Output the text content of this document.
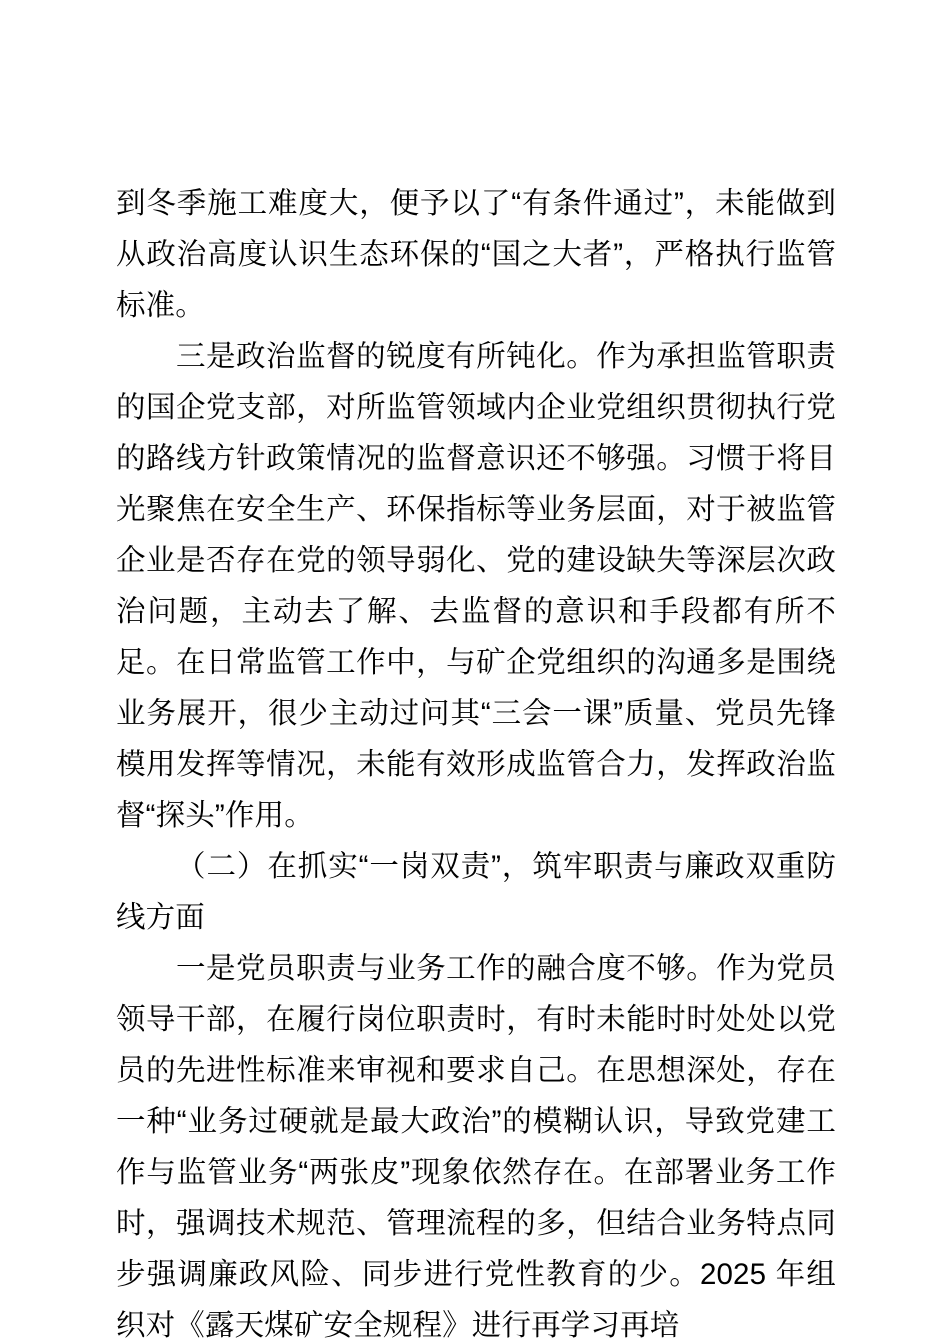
到冬季施工难度大，便予以了“有条件通过”，未能做到从政治高度认识生态环保的“国之大者”，严格执行监管标准。

三是政治监督的锐度有所钝化。作为承担监管职责的国企党支部，对所监管领域内企业党组织贯彻执行党的路线方针政策情况的监督意识还不够强。习惯于将目光聚焦在安全生产、环保指标等业务层面，对于被监管企业是否存在党的领导弱化、党的建设缺失等深层次政治问题，主动去了解、去监督的意识和手段都有所不足。在日常监管工作中，与矿企党组织的沟通多是围绕业务展开，很少主动过问其“三会一课”质量、党员先锋模用发挥等情况，未能有效形成监管合力，发挥政治监督“探头”作用。

（二）在抓实“一岗双责”，筑牢职责与廉政双重防线方面

一是党员职责与业务工作的融合度不够。作为党员领导干部，在履行岗位职责时，有时未能时时处处以党员的先进性标准来审视和要求自己。在思想深处，存在一种“业务过硬就是最大政治”的模糊认识，导致党建工作与监管业务“两张皮”现象依然存在。在部署业务工作时，强调技术规范、管理流程的多，但结合业务特点同步强调廉政风险、同步进行党性教育的少。2025 年组织对《露天煤矿安全规程》进行再学习再培
